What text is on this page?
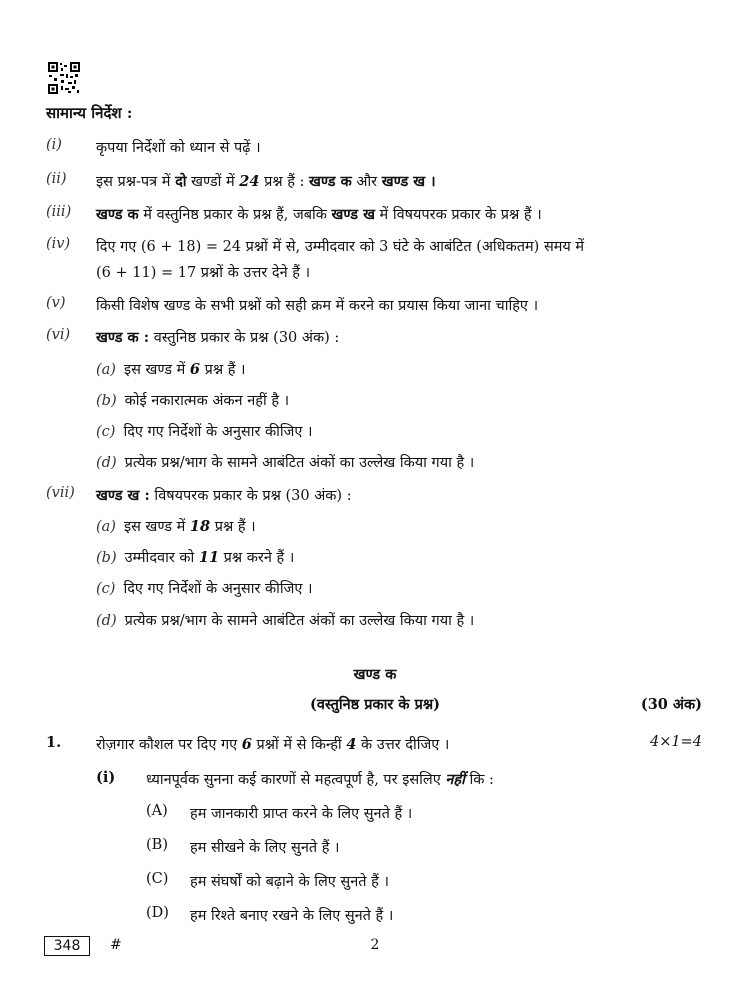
सामान्य निर्देश :
(i) कृपया निर्देशों को ध्यान से पढ़ें ।
(ii) इस प्रश्न-पत्र में दो खण्डों में 24 प्रश्न हैं : खण्ड क और खण्ड ख ।
(iii) खण्ड क में वस्तुनिष्ठ प्रकार के प्रश्न हैं, जबकि खण्ड ख में विषयपरक प्रकार के प्रश्न हैं ।
(iv) दिए गए (6 + 18) = 24 प्रश्नों में से, उम्मीदवार को 3 घंटे के आबंटित (अधिकतम) समय में
(6 + 11) = 17 प्रश्नों के उत्तर देने हैं ।
(v) किसी विशेष खण्ड के सभी प्रश्नों को सही क्रम में करने का प्रयास किया जाना चाहिए ।
(vi) खण्ड क : वस्तुनिष्ठ प्रकार के प्रश्न (30 अंक) :
(a) इस खण्ड में 6 प्रश्न हैं ।
(b) कोई नकारात्मक अंकन नहीं है ।
(c) दिए गए निर्देशों के अनुसार कीजिए ।
(d) प्रत्येक प्रश्न/भाग के सामने आबंटित अंकों का उल्लेख किया गया है ।
(vii) खण्ड ख : विषयपरक प्रकार के प्रश्न (30 अंक) :
(a) इस खण्ड में 18 प्रश्न हैं ।
(b) उम्मीदवार को 11 प्रश्न करने हैं ।
(c) दिए गए निर्देशों के अनुसार कीजिए ।
(d) प्रत्येक प्रश्न/भाग के सामने आबंटित अंकों का उल्लेख किया गया है ।
खण्ड क
(वस्तुनिष्ठ प्रकार के प्रश्न)	(30 अंक)
1. रोज़गार कौशल पर दिए गए 6 प्रश्नों में से किन्हीं 4 के उत्तर दीजिए ।	4×1=4
(i) ध्यानपूर्वक सुनना कई कारणों से महत्वपूर्ण है, पर इसलिए नहीं कि :
(A) हम जानकारी प्राप्त करने के लिए सुनते हैं ।
(B) हम सीखने के लिए सुनते हैं ।
(C) हम संघर्षों को बढ़ाने के लिए सुनते हैं ।
(D) हम रिश्ते बनाए रखने के लिए सुनते हैं ।
348	#	2
